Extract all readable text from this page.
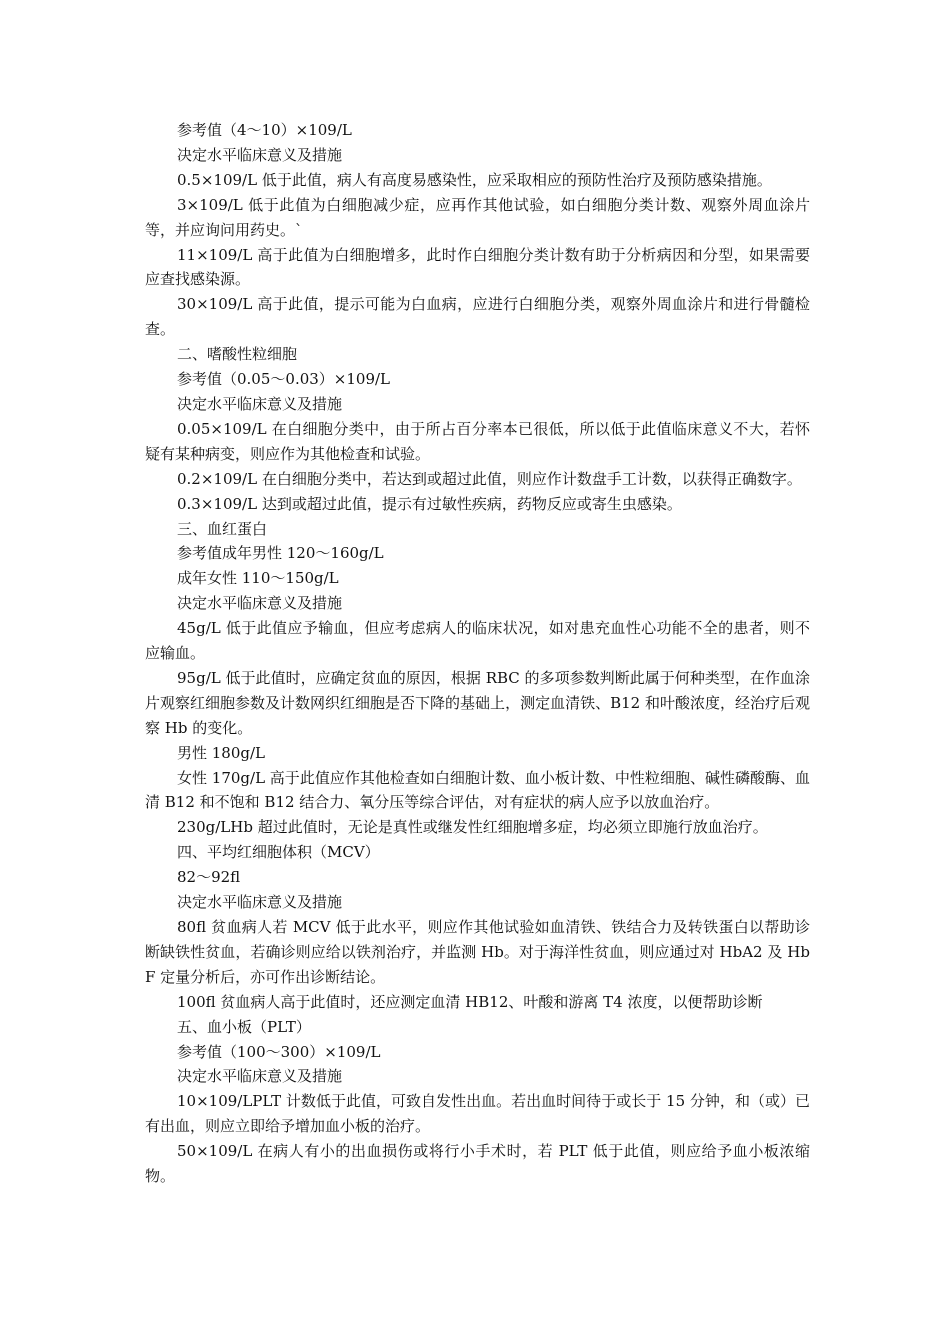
参考值（4～10）×109/L

决定水平临床意义及措施

0.5×109/L 低于此值，病人有高度易感染性，应采取相应的预防性治疗及预防感染措施。

3×109/L 低于此值为白细胞减少症，应再作其他试验，如白细胞分类计数、观察外周血涂片等，并应询问用药史。`

11×109/L 高于此值为白细胞增多，此时作白细胞分类计数有助于分析病因和分型，如果需要应查找感染源。

30×109/L 高于此值，提示可能为白血病，应进行白细胞分类，观察外周血涂片和进行骨髓检查。

二、嗜酸性粒细胞

参考值（0.05～0.03）×109/L

决定水平临床意义及措施

0.05×109/L 在白细胞分类中，由于所占百分率本已很低，所以低于此值临床意义不大，若怀疑有某种病变，则应作为其他检查和试验。

0.2×109/L 在白细胞分类中，若达到或超过此值，则应作计数盘手工计数，以获得正确数字。

0.3×109/L 达到或超过此值，提示有过敏性疾病，药物反应或寄生虫感染。

三、血红蛋白

参考值成年男性 120～160g/L

成年女性 110～150g/L

决定水平临床意义及措施

45g/L 低于此值应予输血，但应考虑病人的临床状况，如对患充血性心功能不全的患者，则不应输血。

95g/L 低于此值时，应确定贫血的原因，根据 RBC 的多项参数判断此属于何种类型，在作血涂片观察红细胞参数及计数网织红细胞是否下降的基础上，测定血清铁、B12 和叶酸浓度，经治疗后观察 Hb 的变化。

男性 180g/L

女性 170g/L 高于此值应作其他检查如白细胞计数、血小板计数、中性粒细胞、碱性磷酸酶、血清 B12 和不饱和 B12 结合力、氧分压等综合评估，对有症状的病人应予以放血治疗。

230g/LHb 超过此值时，无论是真性或继发性红细胞增多症，均必须立即施行放血治疗。

四、平均红细胞体积（MCV）

82～92fl

决定水平临床意义及措施

80fl 贫血病人若 MCV 低于此水平，则应作其他试验如血清铁、铁结合力及转铁蛋白以帮助诊断缺铁性贫血，若确诊则应给以铁剂治疗，并监测 Hb。对于海洋性贫血，则应通过对 HbA2 及 HbF 定量分析后，亦可作出诊断结论。

100fl 贫血病人高于此值时，还应测定血清 HB12、叶酸和游离 T4 浓度，以便帮助诊断

五、血小板（PLT）

参考值（100～300）×109/L

决定水平临床意义及措施

10×109/LPLT 计数低于此值，可致自发性出血。若出血时间待于或长于 15 分钟，和（或）已有出血，则应立即给予增加血小板的治疗。

50×109/L 在病人有小的出血损伤或将行小手术时，若 PLT 低于此值，则应给予血小板浓缩物。
